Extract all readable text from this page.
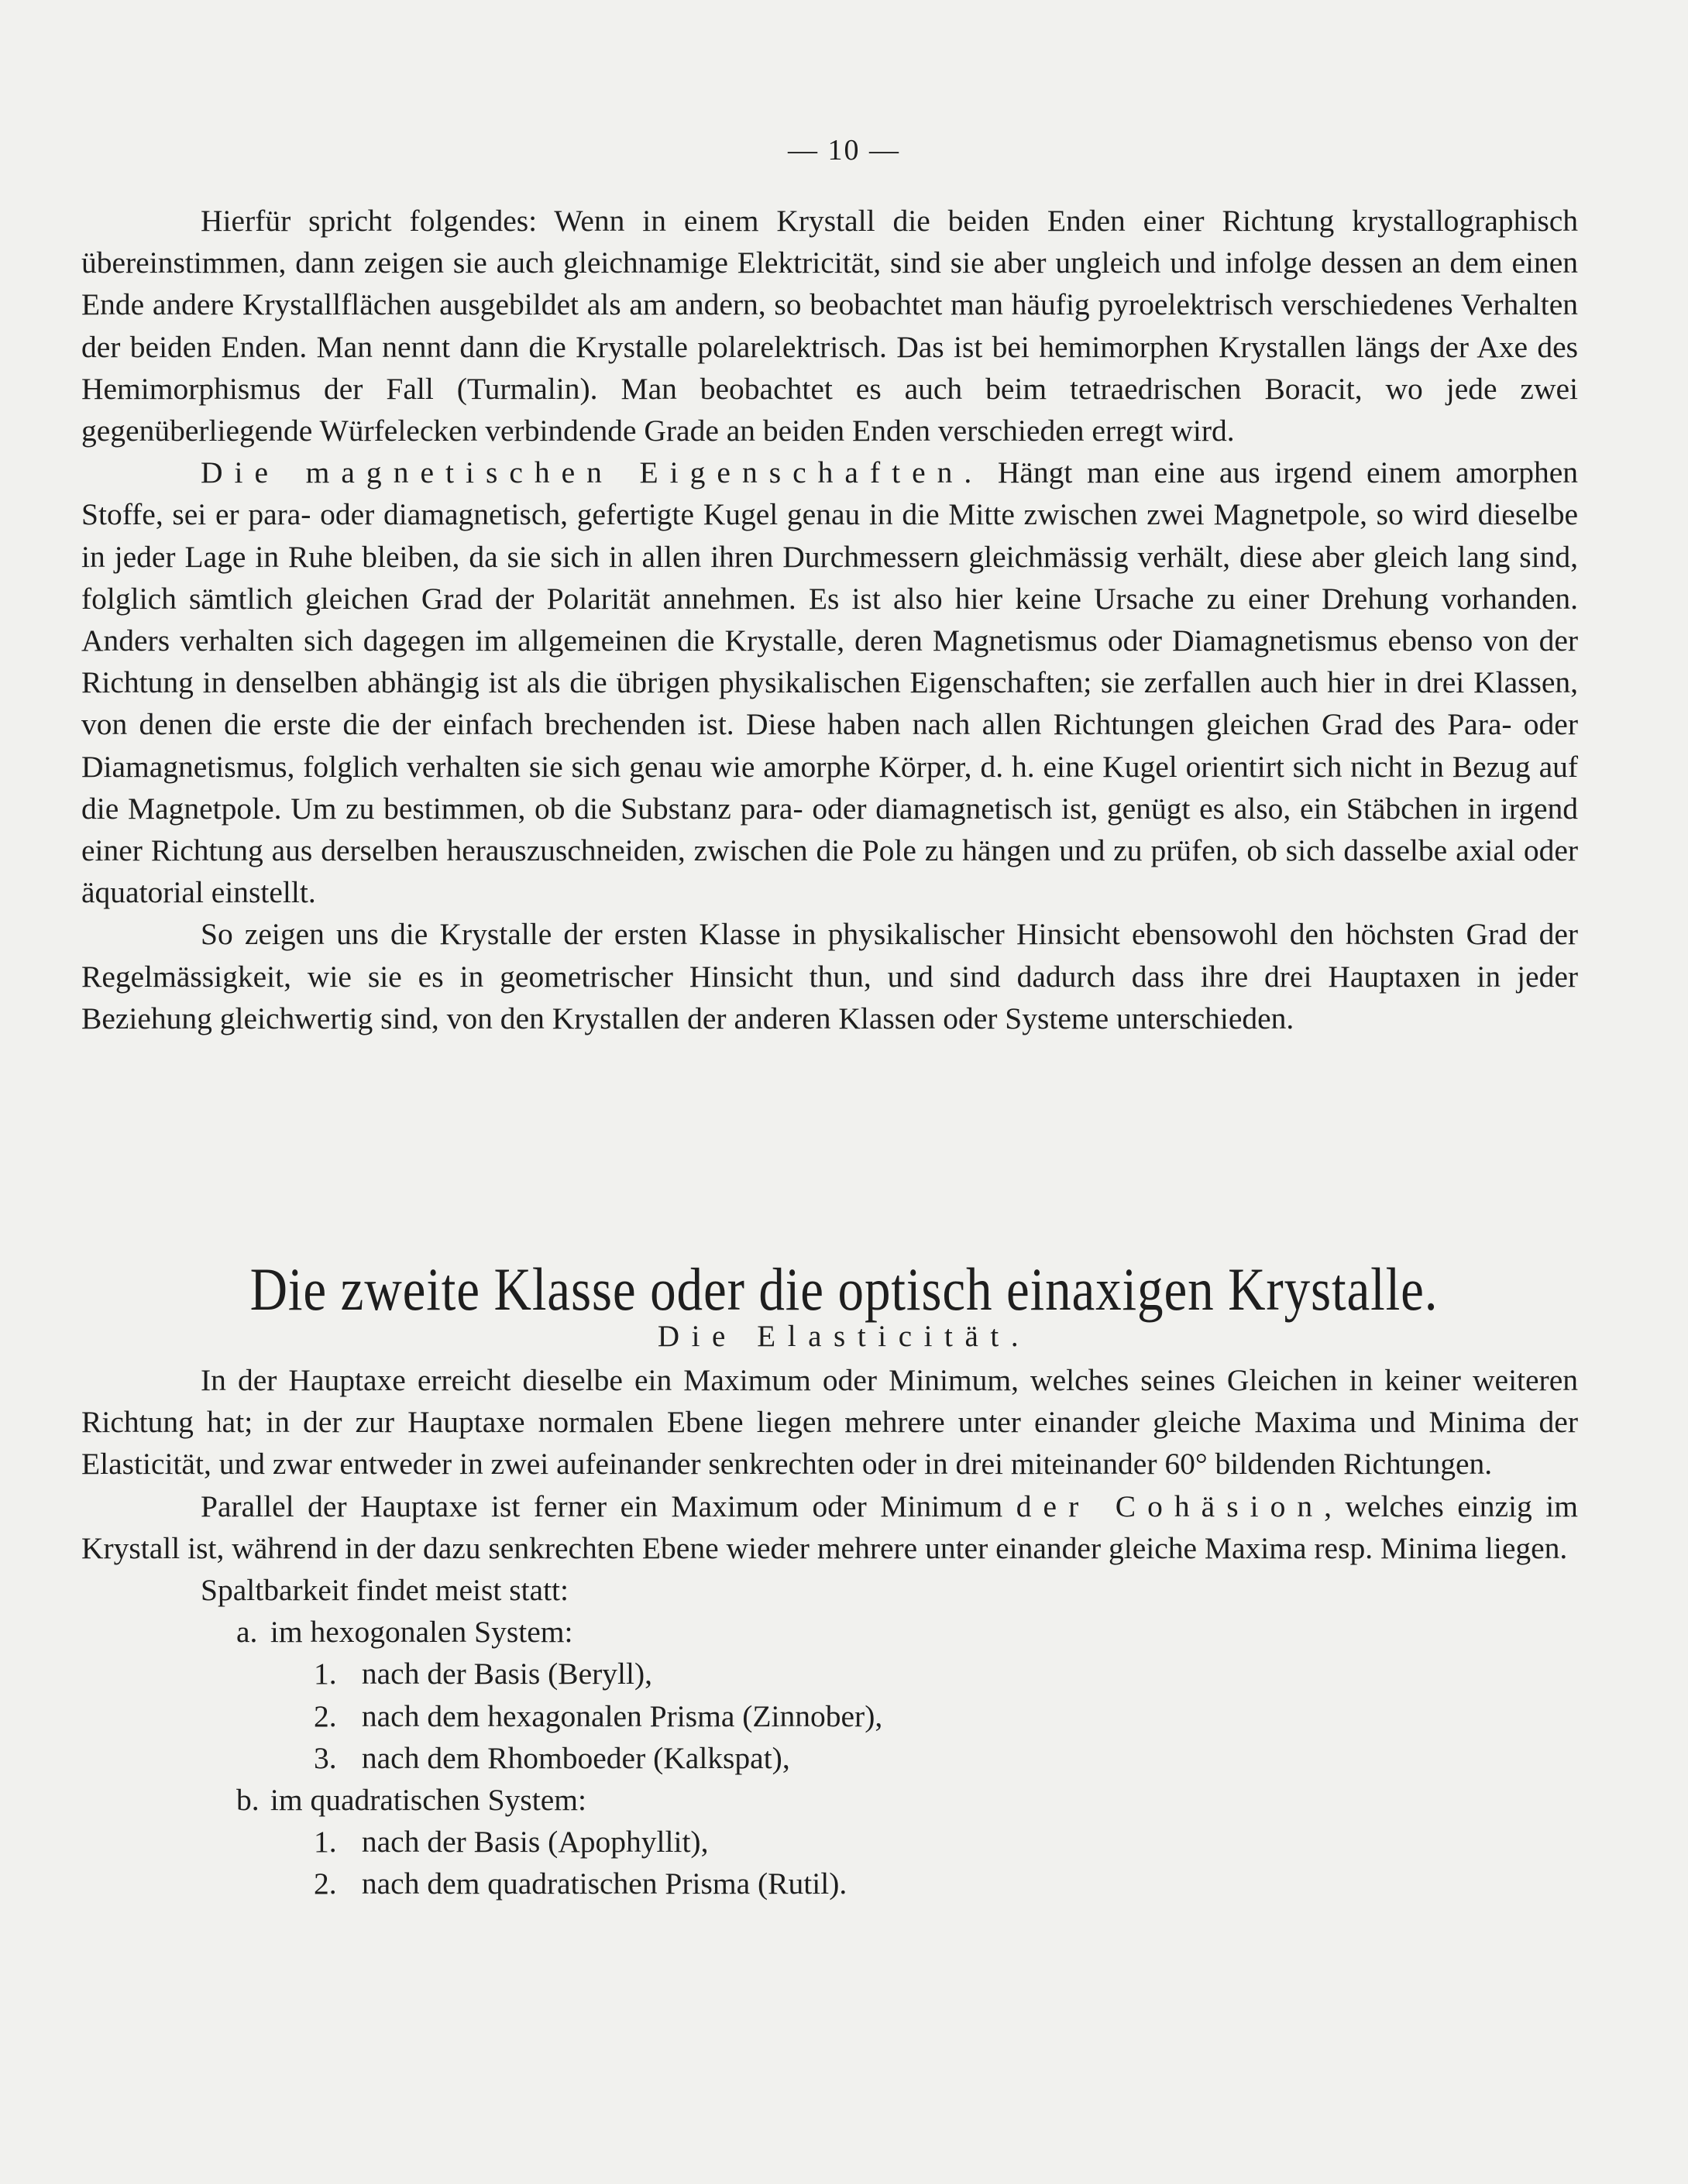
— 10 —

Hierfür spricht folgendes: Wenn in einem Krystall die beiden Enden einer Richtung krystallographisch übereinstimmen, dann zeigen sie auch gleichnamige Elektricität, sind sie aber ungleich und infolge dessen an dem einen Ende andere Krystallflächen ausgebildet als am andern, so beobachtet man häufig pyroelektrisch verschiedenes Verhalten der beiden Enden. Man nennt dann die Krystalle polarelektrisch. Das ist bei hemimorphen Krystallen längs der Axe des Hemimorphismus der Fall (Turmalin). Man beobachtet es auch beim tetraedrischen Boracit, wo jede zwei gegenüberliegende Würfelecken verbindende Grade an beiden Enden verschieden erregt wird.

Die magnetischen Eigenschaften. Hängt man eine aus irgend einem amorphen Stoffe, sei er para- oder diamagnetisch, gefertigte Kugel genau in die Mitte zwischen zwei Magnetpole, so wird dieselbe in jeder Lage in Ruhe bleiben, da sie sich in allen ihren Durchmessern gleichmässig verhält, diese aber gleich lang sind, folglich sämtlich gleichen Grad der Polarität annehmen. Es ist also hier keine Ursache zu einer Drehung vorhanden. Anders verhalten sich dagegen im allgemeinen die Krystalle, deren Magnetismus oder Diamagnetismus ebenso von der Richtung in denselben abhängig ist als die übrigen physikalischen Eigenschaften; sie zerfallen auch hier in drei Klassen, von denen die erste die der einfach brechenden ist. Diese haben nach allen Richtungen gleichen Grad des Para- oder Diamagnetismus, folglich verhalten sie sich genau wie amorphe Körper, d. h. eine Kugel orientirt sich nicht in Bezug auf die Magnetpole. Um zu bestimmen, ob die Substanz para- oder diamagnetisch ist, genügt es also, ein Stäbchen in irgend einer Richtung aus derselben herauszuschneiden, zwischen die Pole zu hängen und zu prüfen, ob sich dasselbe axial oder äquatorial einstellt.

So zeigen uns die Krystalle der ersten Klasse in physikalischer Hinsicht ebensowohl den höchsten Grad der Regelmässigkeit, wie sie es in geometrischer Hinsicht thun, und sind dadurch dass ihre drei Hauptaxen in jeder Beziehung gleichwertig sind, von den Krystallen der anderen Klassen oder Systeme unterschieden.

Die zweite Klasse oder die optisch einaxigen Krystalle.
Die Elasticität.

In der Hauptaxe erreicht dieselbe ein Maximum oder Minimum, welches seines Gleichen in keiner weiteren Richtung hat; in der zur Hauptaxe normalen Ebene liegen mehrere unter einander gleiche Maxima und Minima der Elasticität, und zwar entweder in zwei aufeinander senkrechten oder in drei miteinander 60° bildenden Richtungen.

Parallel der Hauptaxe ist ferner ein Maximum oder Minimum der Cohäsion, welches einzig im Krystall ist, während in der dazu senkrechten Ebene wieder mehrere unter einander gleiche Maxima resp. Minima liegen.

Spaltbarkeit findet meist statt:

a. im hexogonalen System:
1. nach der Basis (Beryll),
2. nach dem hexagonalen Prisma (Zinnober),
3. nach dem Rhomboeder (Kalkspat),
b. im quadratischen System:
1. nach der Basis (Apophyllit),
2. nach dem quadratischen Prisma (Rutil).
